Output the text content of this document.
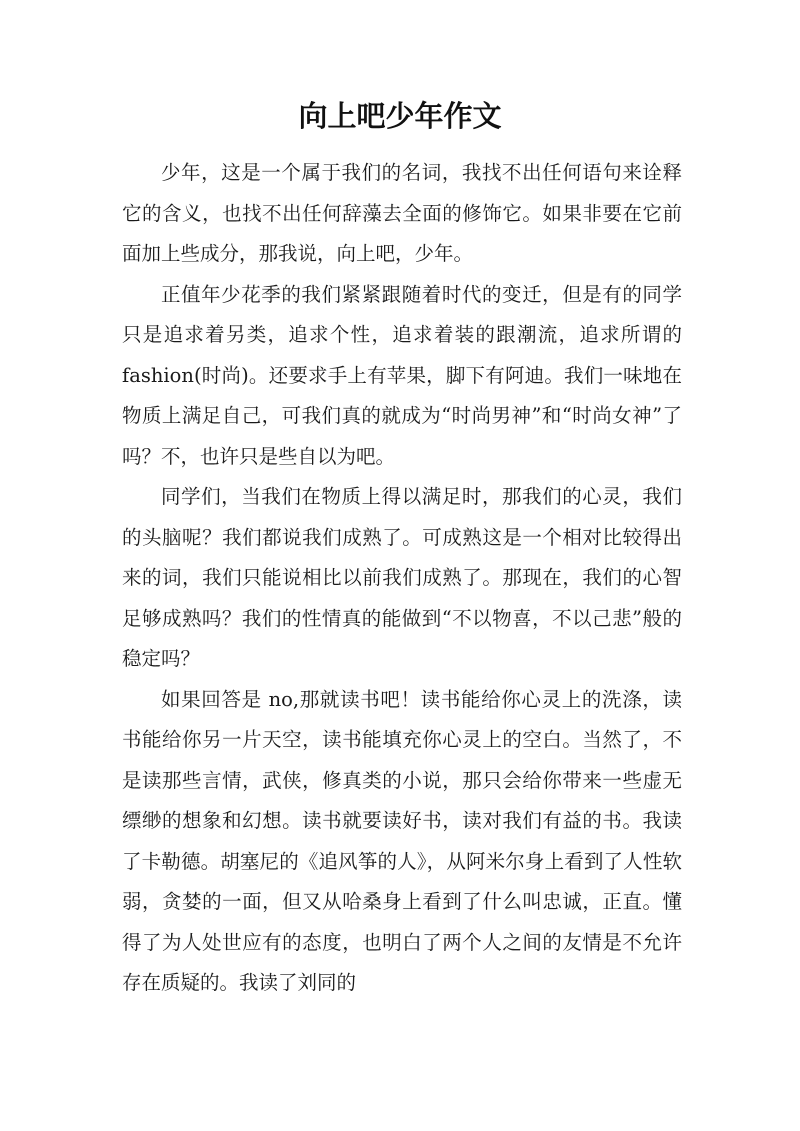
向上吧少年作文

少年，这是一个属于我们的名词，我找不出任何语句来诠释它的含义，也找不出任何辞藻去全面的修饰它。如果非要在它前面加上些成分，那我说，向上吧，少年。

正值年少花季的我们紧紧跟随着时代的变迁，但是有的同学只是追求着另类，追求个性，追求着装的跟潮流，追求所谓的 fashion(时尚)。还要求手上有苹果，脚下有阿迪。我们一味地在物质上满足自己，可我们真的就成为“时尚男神”和“时尚女神”了吗？不，也许只是些自以为吧。

同学们，当我们在物质上得以满足时，那我们的心灵，我们的头脑呢？我们都说我们成熟了。可成熟这是一个相对比较得出来的词，我们只能说相比以前我们成熟了。那现在，我们的心智足够成熟吗？我们的性情真的能做到“不以物喜，不以己悲”般的稳定吗？

如果回答是 no,那就读书吧！读书能给你心灵上的洗涤，读书能给你另一片天空，读书能填充你心灵上的空白。当然了，不是读那些言情，武侠，修真类的小说，那只会给你带来一些虚无缥缈的想象和幻想。读书就要读好书，读对我们有益的书。我读了卡勒德。胡塞尼的《追风筝的人》，从阿米尔身上看到了人性软弱，贪婪的一面，但又从哈桑身上看到了什么叫忠诚，正直。懂得了为人处世应有的态度，也明白了两个人之间的友情是不允许存在质疑的。我读了刘同的
